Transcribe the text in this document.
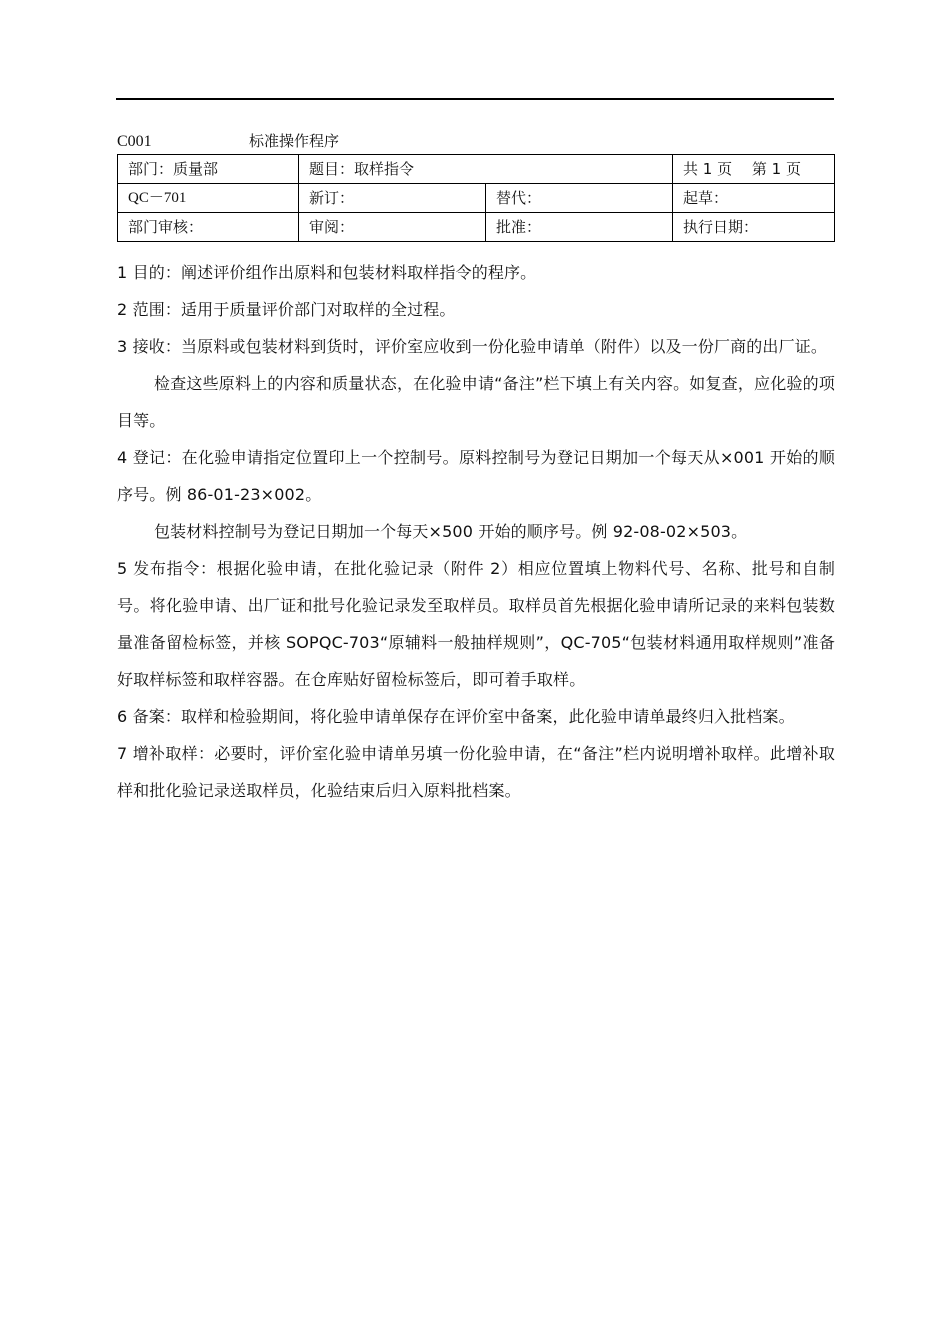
C001	标准操作程序
部门：质量部	题目：取样指令		共 1 页　 第 1 页
QC－701	新订：	替代：	起草：
部门审核：	审阅：	批准：	执行日期：

1 目的：阐述评价组作出原料和包装材料取样指令的程序。

2 范围：适用于质量评价部门对取样的全过程。

3 接收：当原料或包装材料到货时，评价室应收到一份化验申请单（附件）以及一份厂商的出厂证。

检查这些原料上的内容和质量状态，在化验申请“备注”栏下填上有关内容。如复查，应化验的项目等。

4 登记：在化验申请指定位置印上一个控制号。原料控制号为登记日期加一个每天从×001 开始的顺序号。例 86-01-23×002。

包装材料控制号为登记日期加一个每天×500 开始的顺序号。例 92-08-02×503。

5 发布指令：根据化验申请，在批化验记录（附件 2）相应位置填上物料代号、名称、批号和自制号。将化验申请、出厂证和批号化验记录发至取样员。取样员首先根据化验申请所记录的来料包装数量准备留检标签，并核 SOPQC-703“原辅料一般抽样规则”，QC-705“包装材料通用取样规则”准备好取样标签和取样容器。在仓库贴好留检标签后，即可着手取样。

6 备案：取样和检验期间，将化验申请单保存在评价室中备案，此化验申请单最终归入批档案。

7 增补取样：必要时，评价室化验申请单另填一份化验申请，在“备注”栏内说明增补取样。此增补取样和批化验记录送取样员，化验结束后归入原料批档案。
